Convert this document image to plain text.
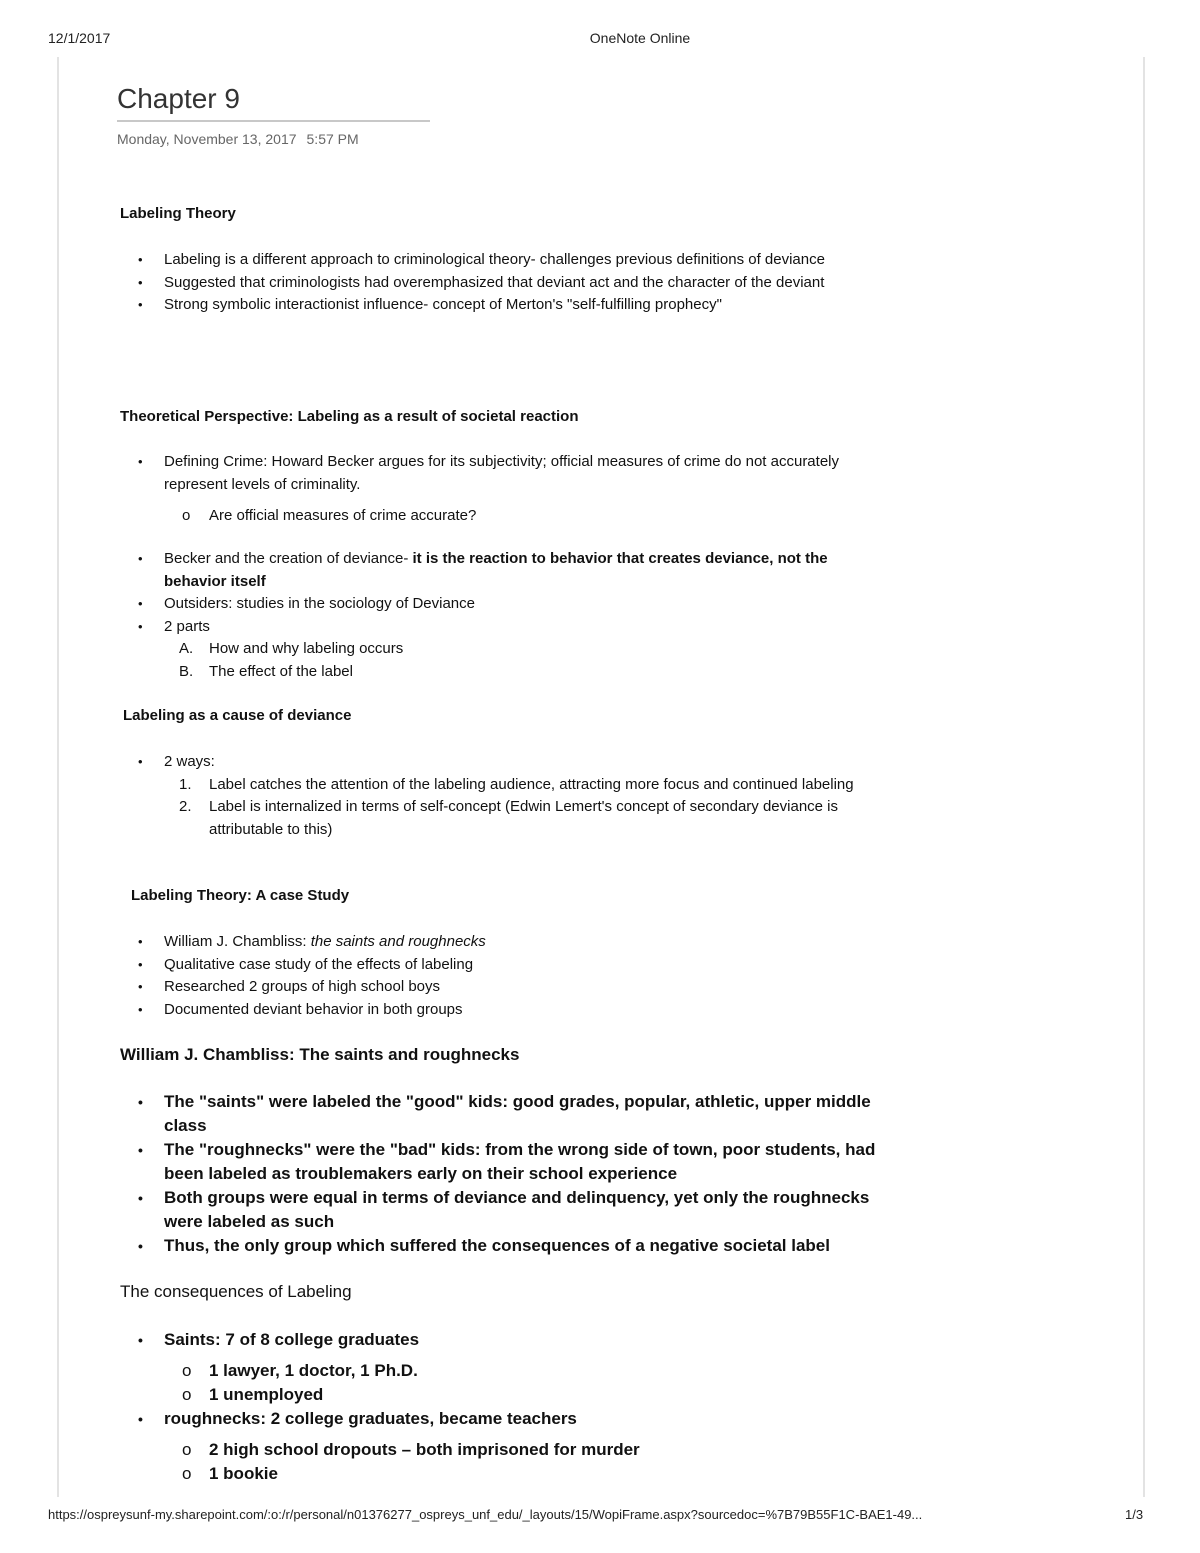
12/1/2017	OneNote Online
Chapter 9
Monday, November 13, 2017 5:57 PM
Labeling Theory
• Labeling is a different approach to criminological theory- challenges previous definitions of deviance
• Suggested that criminologists had overemphasized that deviant act and the character of the deviant
• Strong symbolic interactionist influence- concept of Merton's "self-fulfilling prophecy"
Theoretical Perspective: Labeling as a result of societal reaction
• Defining Crime: Howard Becker argues for its subjectivity; official measures of crime do not accurately represent levels of criminality.
o Are official measures of crime accurate?
• Becker and the creation of deviance- it is the reaction to behavior that creates deviance, not the behavior itself
• Outsiders: studies in the sociology of Deviance
• 2 parts
A. How and why labeling occurs
B. The effect of the label
Labeling as a cause of deviance
• 2 ways:
1. Label catches the attention of the labeling audience, attracting more focus and continued labeling
2. Label is internalized in terms of self-concept (Edwin Lemert's concept of secondary deviance is attributable to this)
Labeling Theory: A case Study
• William J. Chambliss: the saints and roughnecks
• Qualitative case study of the effects of labeling
• Researched 2 groups of high school boys
• Documented deviant behavior in both groups
William J. Chambliss: The saints and roughnecks
• The "saints" were labeled the "good" kids: good grades, popular, athletic, upper middle class
• The "roughnecks" were the "bad" kids: from the wrong side of town, poor students, had been labeled as troublemakers early on their school experience
• Both groups were equal in terms of deviance and delinquency, yet only the roughnecks were labeled as such
• Thus, the only group which suffered the consequences of a negative societal label
The consequences of Labeling
• Saints: 7 of 8 college graduates
o 1 lawyer, 1 doctor, 1 Ph.D.
o 1 unemployed
• roughnecks: 2 college graduates, became teachers
o 2 high school dropouts – both imprisoned for murder
o 1 bookie
https://ospreysunf-my.sharepoint.com/:o:/r/personal/n01376277_ospreys_unf_edu/_layouts/15/WopiFrame.aspx?sourcedoc=%7B79B55F1C-BAE1-49...	1/3
